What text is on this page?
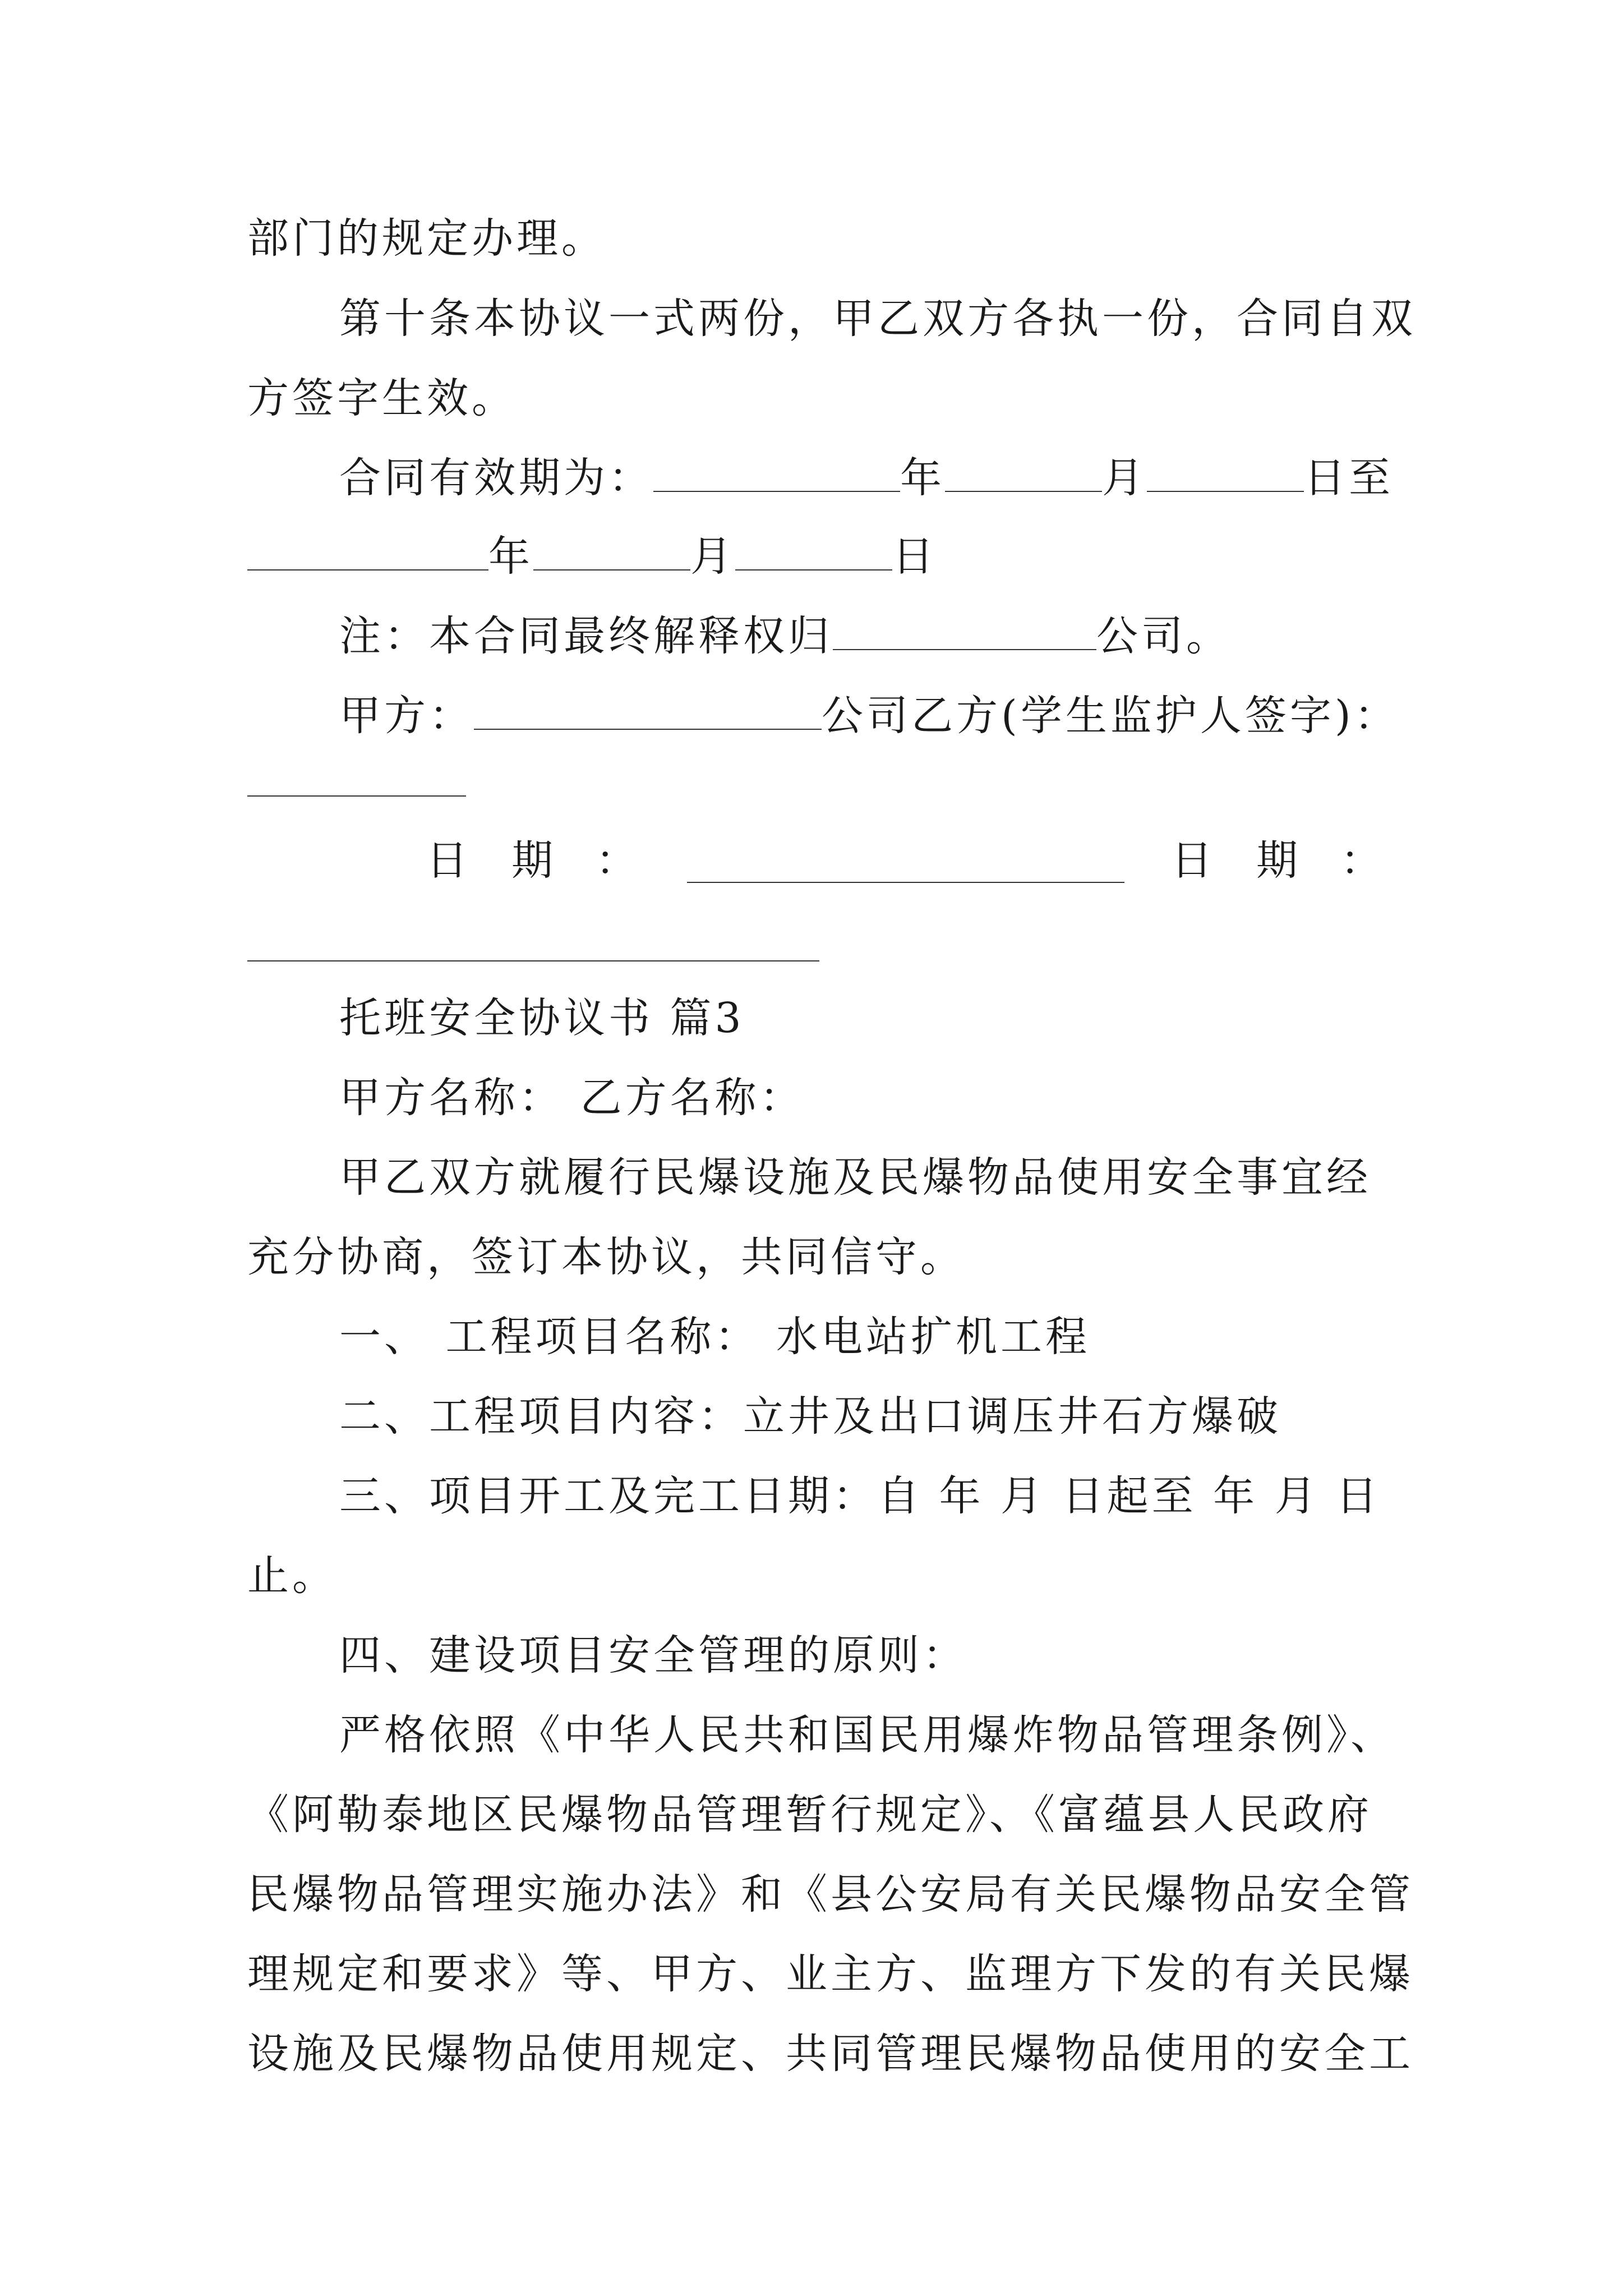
部门的规定办理。
第十条本协议一式两份，甲乙双方各执一份，合同自双
方签字生效。
合同有效期为：	年	月	日至
年	月	日
注：本合同最终解释权归	公司。
甲方：	公司乙方(学生监护人签字)：
日 期 ：	日 期 ：
托班安全协议书 篇3
甲方名称： 乙方名称：
甲乙双方就履行民爆设施及民爆物品使用安全事宜经
充分协商，签订本协议，共同信守。
一、 工程项目名称： 水电站扩机工程
二、工程项目内容：立井及出口调压井石方爆破
三、项目开工及完工日期：自 年 月 日起至 年 月 日
止。
四、建设项目安全管理的原则：
严格依照《中华人民共和国民用爆炸物品管理条例》、
《阿勒泰地区民爆物品管理暂行规定》、《富蕴县人民政府
民爆物品管理实施办法》和《县公安局有关民爆物品安全管
理规定和要求》等、甲方、业主方、监理方下发的有关民爆
设施及民爆物品使用规定、共同管理民爆物品使用的安全工
